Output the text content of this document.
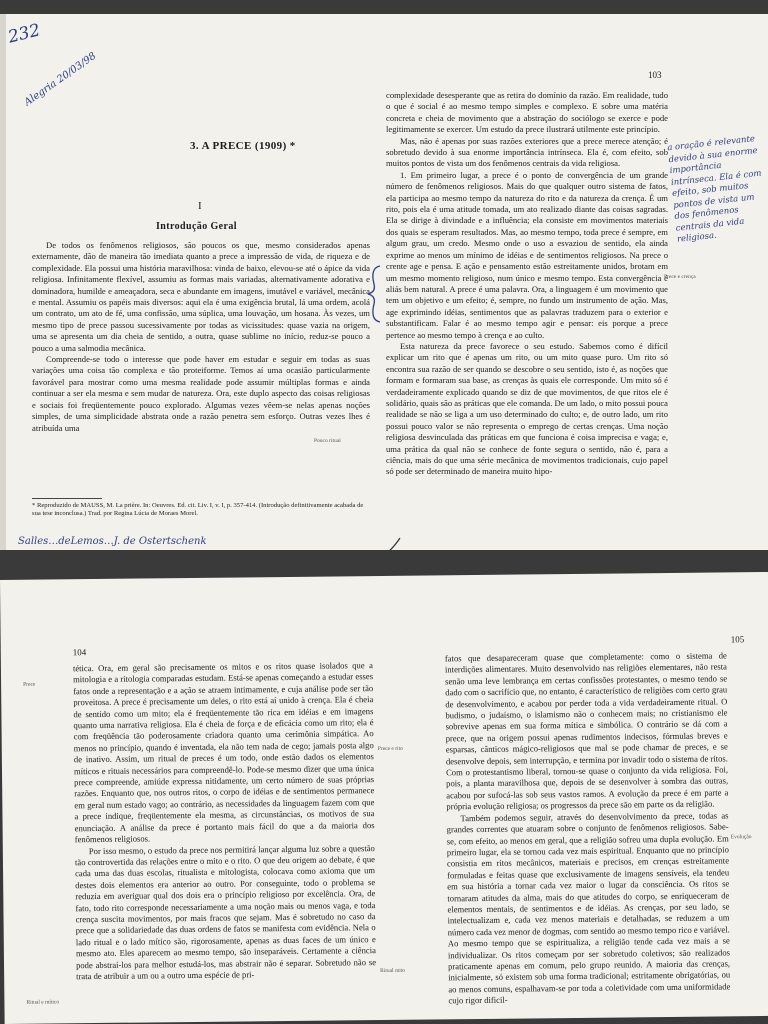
232
Alegria 20/03/98	103
3. A PRECE (1909) *
I
Introdução Geral

De todos os fenômenos religiosos, são poucos os que, mesmo considerados apenas externamente, dão de maneira tão imediata quanto a prece a impressão de vida, de riqueza e de complexidade. Ela possui uma história maravilhosa: vinda de baixo, elevou-se até o ápice da vida religiosa. Infinitamente flexível, assumiu as formas mais variadas, alternativamente adorativa e dominadora, humilde e ameaçadora, seca e abundante em imagens, imutável e variável, mecânica e mental. Assumiu os papéis mais diversos: aqui ela é uma exigência brutal, lá uma ordem, acolá um contrato, um ato de fé, uma confissão, uma súplica, uma louvação, um hosana. Às vezes, um mesmo tipo de prece passou sucessivamente por todas as vicissitudes: quase vazia na origem, uma se apresenta um dia cheia de sentido, a outra, quase sublime no início, reduz-se pouco a pouco a uma salmodia mecânica.

Compreende-se todo o interesse que pode haver em estudar e seguir em todas as suas variações uma coisa tão complexa e tão proteiforme. Temos aí uma ocasião particularmente favorável para mostrar como uma mesma realidade pode assumir múltiplas formas e ainda continuar a ser ela mesma e sem mudar de natureza. Ora, este duplo aspecto das coisas religiosas e sociais foi freqüentemente pouco explorado. Algumas vezes vêem-se nelas apenas noções simples, de uma simplicidade abstrata onde a razão penetra sem esforço. Outras vezes lhes é atribuída uma

Pouco ritual
* Reproduzido de MAUSS, M. La prière. In: Oeuvres. Ed. cit. Liv. I, v. I, p. 357-414. (Introdução definitivamente acabada de sua tese inconclusa.) Trad. por Regina Lúcia de Moraes Morel.
Salles…deLemos…J. de Ostertschenk

complexidade desesperante que as retira do domínio da razão. Em realidade, tudo o que é social é ao mesmo tempo simples e complexo. E sobre uma matéria concreta e cheia de movimento que a abstração do sociólogo se exerce e pode legitimamente se exercer. Um estudo da prece ilustrará utilmente este princípio.

Mas, não é apenas por suas razões exteriores que a prece merece atenção; é sobretudo devido à sua enorme importância intrínseca. Ela é, com efeito, sob muitos pontos de vista um dos fenômenos centrais da vida religiosa.

1. Em primeiro lugar, a prece é o ponto de convergência de um grande número de fenômenos religiosos. Mais do que qualquer outro sistema de fatos, ela participa ao mesmo tempo da natureza do rito e da natureza da crença. É um rito, pois ela é uma atitude tomada, um ato realizado diante das coisas sagradas. Ela se dirige à divindade e a influência; ela consiste em movimentos materiais dos quais se esperam resultados. Mas, ao mesmo tempo, toda prece é sempre, em algum grau, um credo. Mesmo onde o uso a esvaziou de sentido, ela ainda exprime ao menos um mínimo de idéias e de sentimentos religiosos. Na prece o crente age e pensa. E ação e pensamento estão estreitamente unidos, brotam em um mesmo momento religioso, num único e mesmo tempo. Esta convergência é aliás bem natural. A prece é uma palavra. Ora, a linguagem é um movimento que tem um objetivo e um efeito; é, sempre, no fundo um instrumento de ação. Mas, age exprimindo idéias, sentimentos que as palavras traduzem para o exterior e substantificam. Falar é ao mesmo tempo agir e pensar: eis porque a prece pertence ao mesmo tempo à crença e ao culto.

Esta natureza da prece favorece o seu estudo. Sabemos como é difícil explicar um rito que é apenas um rito, ou um mito quase puro. Um rito só encontra sua razão de ser quando se descobre o seu sentido, isto é, as noções que formam e formaram sua base, as crenças às quais ele corresponde. Um mito só é verdadeiramente explicado quando se diz de que movimentos, de que ritos ele é solidário, quais são as práticas que ele comanda. De um lado, o mito possui pouca realidade se não se liga a um uso determinado do culto; e, de outro lado, um rito possui pouco valor se não representa o emprego de certas crenças. Uma noção religiosa desvinculada das práticas em que funciona é coisa imprecisa e vaga; e, uma prática da qual não se conhece de fonte segura o sentido, não é, para a ciência, mais do que uma série mecânica de movimentos tradicionais, cujo papel só pode ser determinado de maneira muito hipo-

Prece e crença
a oração é relevante devido à sua enorme importância intrínseca. Ela é com efeito, sob muitos pontos de vista um dos fenômenos centrais da vida religiosa.
104
105

tética. Ora, em geral são precisamente os mitos e os ritos quase isolados que a mitologia e a ritologia comparadas estudam. Está-se apenas começando a estudar esses fatos onde a representação e a ação se atraem intimamente, e cuja análise pode ser tão proveitosa. A prece é precisamente um deles, o rito está aí unido à crença. Ela é cheia de sentido como um mito; ela é freqüentemente tão rica em idéias e em imagens quanto uma narrativa religiosa. Ela é cheia de força e de eficácia como um rito; ela é com freqüência tão poderosamente criadora quanto uma cerimônia simpática. Ao menos no princípio, quando é inventada, ela não tem nada de cego; jamais posta algo de inativo. Assim, um ritual de preces é um todo, onde estão dados os elementos míticos e rituais necessários para compreendê-lo. Pode-se mesmo dizer que uma única prece compreende, amiúde expressa nitidamente, um certo número de suas próprias razões. Enquanto que, nos outros ritos, o corpo de idéias e de sentimentos permanece em geral num estado vago; ao contrário, as necessidades da linguagem fazem com que a prece indique, freqüentemente ela mesma, as circunstâncias, os motivos de sua enunciação. A análise da prece é portanto mais fácil do que a da maioria dos fenômenos religiosos.

Por isso mesmo, o estudo da prece nos permitirá lançar alguma luz sobre a questão tão controvertida das relações entre o mito e o rito. O que deu origem ao debate, é que cada uma das duas escolas, ritualista e mitologista, colocava como axioma que um destes dois elementos era anterior ao outro. Por conseguinte, todo o problema se reduzia em averiguar qual dos dois era o princípio religioso por excelência. Ora, de fato, todo rito corresponde necessariamente a uma noção mais ou menos vaga, e toda crença suscita movimentos, por mais fracos que sejam. Mas é sobretudo no caso da prece que a solidariedade das duas ordens de fatos se manifesta com evidência. Nela o lado ritual e o lado mítico são, rigorosamente, apenas as duas faces de um único e mesmo ato. Eles aparecem ao mesmo tempo, são inseparáveis. Certamente a ciência pode abstraí-los para melhor estudá-los, mas abstrair não é separar. Sobretudo não se trata de atribuir a um ou a outro uma espécie de pri-

Prece
Ritual e mítico
Prece e rito
Ritual mito

fatos que desapareceram quase que completamente: como o sistema de interdições alimentares. Muito desenvolvido nas religiões elementares, não resta senão uma leve lembrança em certas confissões protestantes, o mesmo tendo se dado com o sacrifício que, no entanto, é característico de religiões com certo grau de desenvolvimento, e acabou por perder toda a vida verdadeiramente ritual. O budismo, o judaísmo, o islamismo não o conhecem mais; no cristianismo ele sobrevive apenas em sua forma mítica e simbólica. O contrário se dá com a prece, que na origem possui apenas rudimentos indecisos, fórmulas breves e esparsas, cânticos mágico-religiosos que mal se pode chamar de preces, e se desenvolve depois, sem interrupção, e termina por invadir todo o sistema de ritos. Com o protestantismo liberal, tornou-se quase o conjunto da vida religiosa. Foi, pois, a planta maravilhosa que, depois de se desenvolver à sombra das outras, acabou por sufocá-las sob seus vastos ramos. A evolução da prece é em parte a própria evolução religiosa; os progressos da prece são em parte os da religião.

Também podemos seguir, através do desenvolvimento da prece, todas as grandes correntes que atuaram sobre o conjunto de fenômenos religiosos. Sabe-se, com efeito, ao menos em geral, que a religião sofreu uma dupla evolução. Em primeiro lugar, ela se tornou cada vez mais espiritual. Enquanto que no princípio consistia em ritos mecânicos, materiais e precisos, em crenças estreitamente formuladas e feitas quase que exclusivamente de imagens sensíveis, ela tendeu em sua história a tornar cada vez maior o lugar da consciência. Os ritos se tornaram atitudes da alma, mais do que atitudes do corpo, se enriqueceram de elementos mentais, de sentimentos e de idéias. As crenças, por seu lado, se intelectualizam e, cada vez menos materiais e detalhadas, se reduzem a um número cada vez menor de dogmas, com sentido ao mesmo tempo rico e variável. Ao mesmo tempo que se espiritualiza, a religião tende cada vez mais a se individualizar. Os ritos começam por ser sobretudo coletivos; são realizados praticamente apenas em comum, pelo grupo reunido. A maioria das crenças, inicialmente, só existem sob uma forma tradicional; estritamente obrigatórias, ou ao menos comuns, espalhavam-se por toda a coletividade com uma uniformidade cujo rigor dificil-

Evolução
